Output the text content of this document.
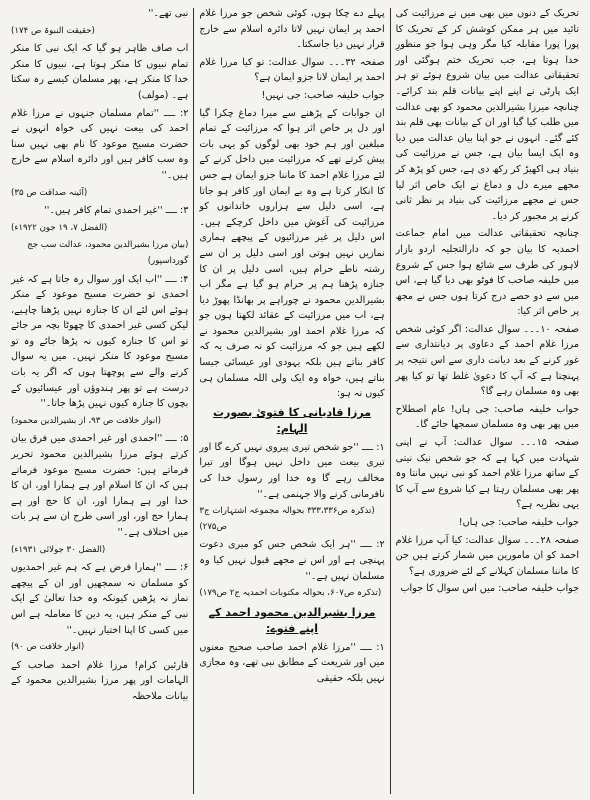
تحریک کے دنوں میں بھی میں نے مرزائیت کی تائید میں ہر ممکن کوشش کر کے تحریک کا پورا پورا مقابلہ کیا مگر وہی ہوا جو منظورِ خدا ہوتا ہے، جب تحریک ختم ہوگئی اور تحقیقاتی عدالت میں بیان شروع ہوئے تو ہر ایک پارٹی نے اپنے اپنے بیانات قلم بند کرائے۔ چنانچہ میرزا بشیرالدین محمود کو بھی عدالت میں طلب کیا گیا اور ان کے بیانات بھی قلم بند کئے گئے۔ انہوں نے جو اپنا بیان عدالت میں دیا وہ ایک ایسا بیان ہے، جس نے مرزائیت کی بنیاد ہی اکھیڑ کر رکھ دی ہے، جس کو پڑھ کر مجھے میرے دل و دماغ نے ایک خاص اثر لیا جس نے مجھے مرزائیت کی بنیاد پر نظر ثانی کرنے پر مجبور کر دیا۔

چنانچہ تحقیقاتی عدالت میں امام جماعت احمدیہ کا بیان جو کہ دارالتجلیہ اردو بازار لاہور کی طرف سے شائع ہوا جس کے شروع میں خلیفہ صاحب کا فوٹو بھی دیا گیا ہے، اس میں سے دو حصے درج کرتا ہوں جس نے مجھ پر خاص اثر کیا:

صفحہ ۱۰۔۔۔ سوال عدالت: اگر کوئی شخص مرزا غلام احمد کے دعاوی پر دیانتداری سے غور کرنے کے بعد دیانت داری سے اس نتیجہ پر پہنچتا ہے کہ آپ کا دعویٰ غلط تھا تو کیا پھر بھی وہ مسلمان رہے گا؟

جواب خلیفہ صاحب: جی ہاں! عام اصطلاح میں پھر بھی وہ مسلمان سمجھا جائے گا۔

صفحہ ۱۵۔۔۔ سوال عدالت: آپ نے اپنی شہادت میں کہا ہے کہ جو شخص نیک نیتی کے ساتھ مرزا غلام احمد کو نبی نہیں مانتا وہ پھر بھی مسلمان رہتا ہے کیا شروع سے آپ کا یہی نظریہ ہے؟

جواب خلیفہ صاحب: جی ہاں!

صفحہ ۲۸۔۔۔ سوال عدالت: کیا آپ مرزا غلام احمد کو ان مامورین میں شمار کرتے ہیں جن کا ماننا مسلمان کہلانے کے لئے ضروری ہے؟

جواب خلیفہ صاحب: میں اس سوال کا جواب

پہلے دے چکا ہوں، کوئی شخص جو مرزا غلام احمد پر ایمان نہیں لاتا دائرہ اسلام سے خارج قرار نہیں دیا جاسکتا۔

صفحہ ۳۲۔۔۔ سوال عدالت: تو کیا مرزا غلام احمد پر ایمان لانا جزو ایمان ہے؟

جواب خلیفہ صاحب: جی نہیں!

ان جوابات کے پڑھنے سے میرا دماغ چکرا گیا اور دل پر خاص اثر ہوا کہ مرزائیت کے تمام مبلغین اور ہم خود بھی لوگوں کو یہی بات پیش کرتے تھے کہ مرزائیت میں داخل کرنے کے لئے مرزا غلام احمد کا ماننا جزو ایمان ہے جس کا انکار کرتا ہے وہ بے ایمان اور کافر ہو جاتا ہے، اسی دلیل سے ہزاروں خاندانوں کو مرزائیت کی آغوش میں داخل کرچکے ہیں۔ اس دلیل پر غیر مرزائیوں کے پیچھے ہماری نمازیں نہیں ہوتی اور اسی دلیل پر ان سے رشتہ ناطے حرام ہیں، اسی دلیل پر ان کا جنازہ پڑھنا ہم پر حرام ہو گیا ہے مگر اب بشیرالدین محمود نے چوراہے پر بھانڈا پھوڑ دیا ہے، اب میں مرزائیت کے عقائد لکھتا ہوں جو کہ مرزا غلام احمد اور بشیرالدین محمود نے لکھے ہیں جو کہ مرزائیت کو نہ صرف یہ کہ کافر بناتے ہیں بلکہ یہودی اور عیسائی جیسا بناتے ہیں، خواہ وہ ایک ولی اللہ مسلمان ہی کیوں نہ ہو:

مرزا قادیانی کا فتویٰ بصورت الہام:

۱: ــــ ''جو شخص تیری پیروی نہیں کرے گا اور تیری بیعت میں داخل نہیں ہوگا اور تیرا مخالف رہے گا وہ خدا اور رسول خدا کی نافرمانی کرنے والا جہنمی ہے۔''

(تذکرہ ص۳۳۳،۳۳۶ بحوالہ مجموعہ اشتہارات ج۳ ص۲۷۵)

۲: ــــ ''ہر ایک شخص جس کو میری دعوت پہنچی ہے اور اس نے مجھے قبول نہیں کیا وہ مسلمان نہیں ہے۔''

(تذکرہ ص۶۰۷، بحوالہ مکتوبات احمدیہ ج۲ ص۱۷۹)

مرزا بشیرالدین محمود احمد کے اپنے فتوے:

۱: ــــ ''مرزا غلام احمد صاحب صحیح معنوں میں اور شریعت کے مطابق نبی تھے، وہ مجازی نہیں بلکہ حقیقی

نبی تھے۔''

(حقیقت النبوۃ ص ۱۷۴)

اب صاف ظاہر ہو گیا کہ ایک نبی کا منکر تمام نبیوں کا منکر ہوتا ہے، نبیوں کا منکر خدا کا منکر ہے، پھر مسلمان کیسے رہ سکتا ہے۔ (مولف)

۲: ــــ ''تمام مسلمان جنہوں نے مرزا غلام احمد کی بیعت نہیں کی خواہ انہوں نے حضرت مسیح موعود کا نام بھی نہیں سنا وہ سب کافر ہیں اور دائرہ اسلام سے خارج ہیں۔''

(آئینہ صداقت ص ۳۵)

۳: ــــ ''غیر احمدی تمام کافر ہیں۔''

(الفضل ۷، ۱۹ جون ۱۹۲۲ء)

(بیان مرزا بشیرالدین محمود، عدالت سب جج گورداسپور)

۴: ــــ ''اب ایک اور سوال رہ جاتا ہے کہ غیر احمدی تو حضرت مسیح موعود کے منکر ہوئے اس لئے ان کا جنازہ نہیں پڑھنا چاہیے، لیکن کسی غیر احمدی کا چھوٹا بچہ مر جائے تو اس کا جنازہ کیوں نہ پڑھا جائے وہ تو مسیح موعود کا منکر نہیں۔ میں یہ سوال کرنے والے سے پوچھتا ہوں کہ اگر یہ بات درست ہے تو پھر ہندوؤں اور عیسائیوں کے بچوں کا جنازہ کیوں نہیں پڑھا جاتا۔''

(انوار خلافت ص ۹۳، از بشیرالدین محمود)

۵: ــــ ''احمدی اور غیر احمدی میں فرق بیان کرتے ہوئے مرزا بشیرالدین محمود تحریر فرماتے ہیں: حضرت مسیح موعود فرماتے ہیں کہ ان کا اسلام اور ہے ہمارا اور، ان کا خدا اور ہے ہمارا اور، ان کا حج اور ہے ہمارا حج اور، اور اسی طرح ان سے ہر بات میں اختلاف ہے۔''

(الفضل ۳۰ جولائی ۱۹۳۱ء)

۶: ــــ ''ہمارا فرض ہے کہ ہم غیر احمدیوں کو مسلمان نہ سمجھیں اور ان کے پیچھے نماز نہ پڑھیں کیونکہ وہ خدا تعالیٰ کے ایک نبی کے منکر ہیں، یہ دین کا معاملہ ہے اس میں کسی کا اپنا اختیار نہیں۔''

(انوار خلافت ص ۹۰)

قارئین کرام! مرزا غلام احمد صاحب کے الہامات اور پھر مرزا بشیرالدین محمود کے بیانات ملاحظہ
